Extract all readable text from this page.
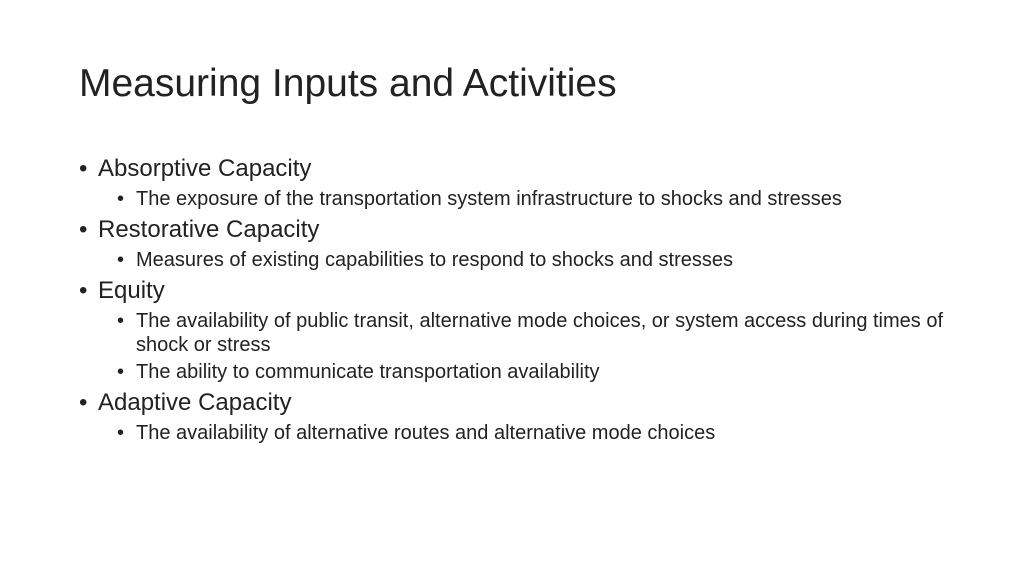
Measuring Inputs and Activities
• Absorptive Capacity
• The exposure of the transportation system infrastructure to shocks and stresses
• Restorative Capacity
• Measures of existing capabilities to respond to shocks and stresses
• Equity
• The availability of public transit, alternative mode choices, or system access during times of shock or stress
• The ability to communicate transportation availability
• Adaptive Capacity
• The availability of alternative routes and alternative mode choices
